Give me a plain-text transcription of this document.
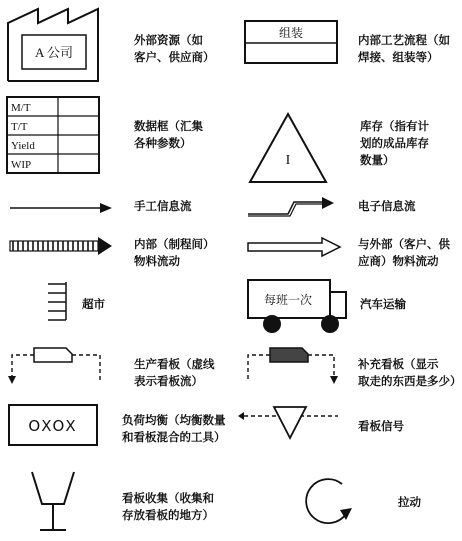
A 公司
外部资源（如
客户、供应商）
组装	内部工艺流程（如
焊接、组装等）
M/T
T/T
Yield
WIP
数据框（汇集
各种参数）
I
库存（指有计
划的成品库存
数量）
手工信息流	电子信息流
内部（制程间）
物料流动
与外部（客户、供
应商）物料流动
超市	每班一次	汽车运输
生产看板（虚线
表示看板流）
补充看板（显示
取走的东西是多少）
OXOX	负荷均衡（均衡数量
和看板混合的工具）
看板信号
看板收集（收集和
存放看板的地方）
拉动
